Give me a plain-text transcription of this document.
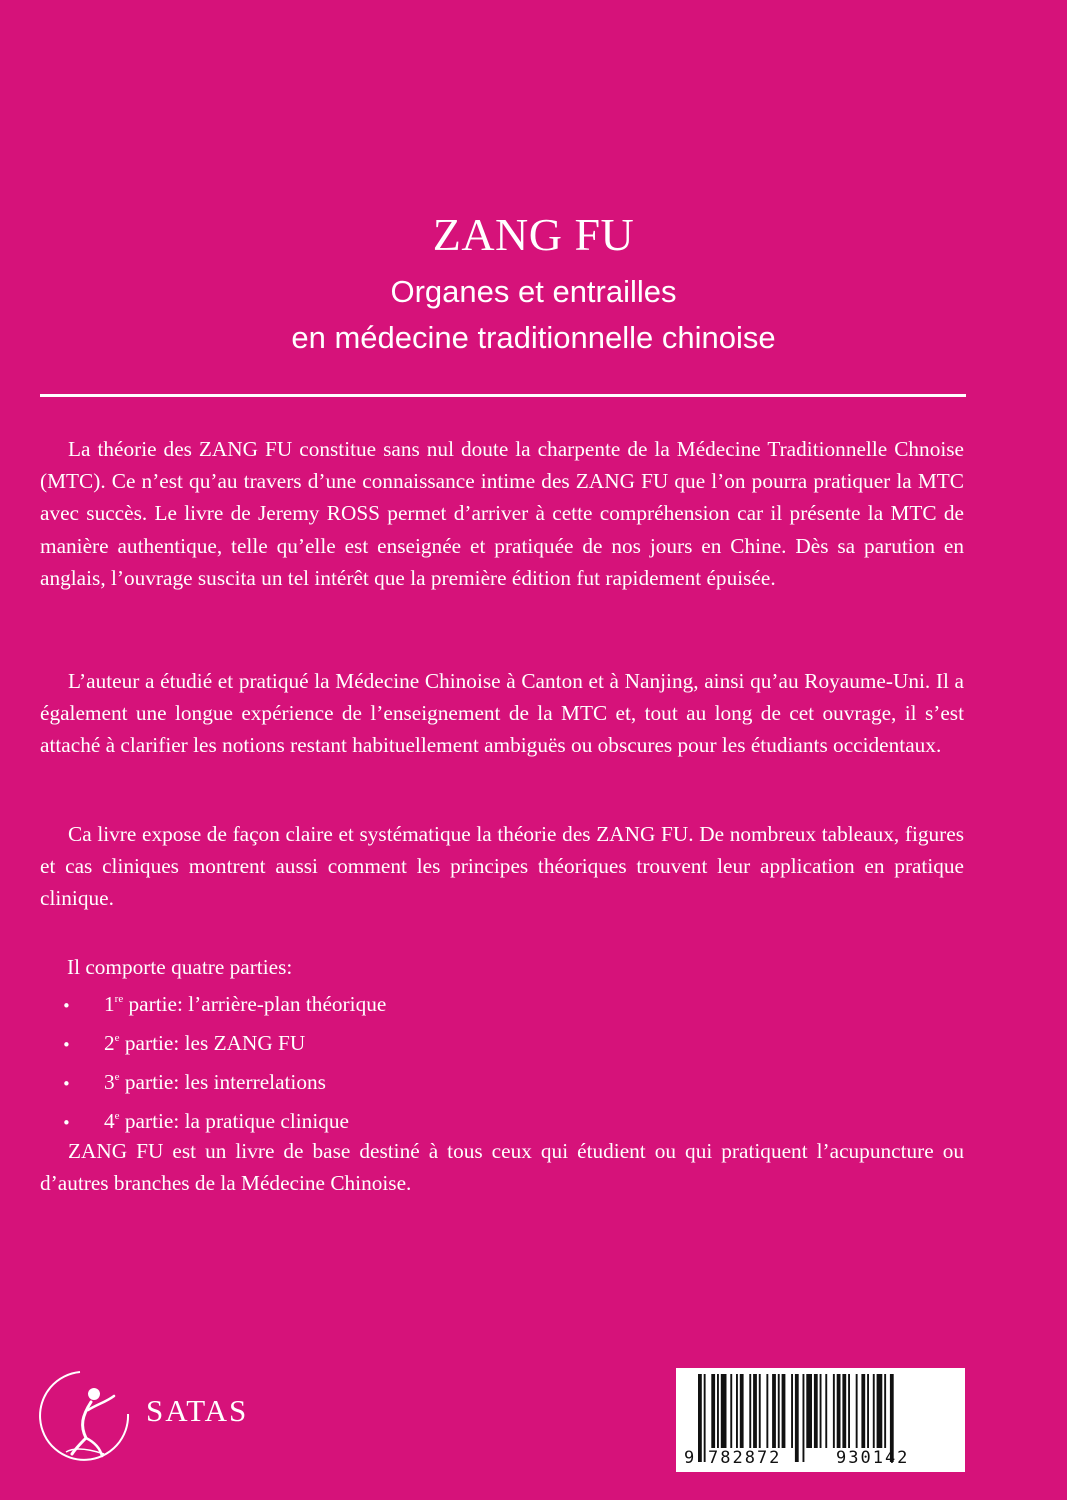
ZANG FU
Organes et entrailles
en médecine traditionnelle chinoise
La théorie des ZANG FU constitue sans nul doute la charpente de la Médecine Traditionnelle Chnoise (MTC). Ce n’est qu’au travers d’une connaissance intime des ZANG FU que l’on pourra pratiquer la MTC avec succès. Le livre de Jeremy ROSS permet d’arriver à cette compréhension car il présente la MTC de manière authentique, telle qu’elle est enseignée et pratiquée de nos jours en Chine. Dès sa parution en anglais, l’ouvrage suscita un tel intérêt que la première édition fut rapidement épuisée.
L’auteur a étudié et pratiqué la Médecine Chinoise à Canton et à Nanjing, ainsi qu’au Royaume-Uni. Il a également une longue expérience de l’enseignement de la MTC et, tout au long de cet ouvrage, il s’est attaché à clarifier les notions restant habituellement ambiguës ou obscures pour les étudiants occidentaux.
Ca livre expose de façon claire et systématique la théorie des ZANG FU. De nombreux tableaux, figures et cas cliniques montrent aussi comment les principes théoriques trouvent leur application en pratique clinique.
Il comporte quatre parties:
• 1re partie: l’arrière-plan théorique
• 2e partie: les ZANG FU
• 3e partie: les interrelations
• 4e partie: la pratique clinique
ZANG FU est un livre de base destiné à tous ceux qui étudient ou qui pratiquent l’acupuncture ou d’autres branches de la Médecine Chinoise.
SATAS
9 782872	930142
